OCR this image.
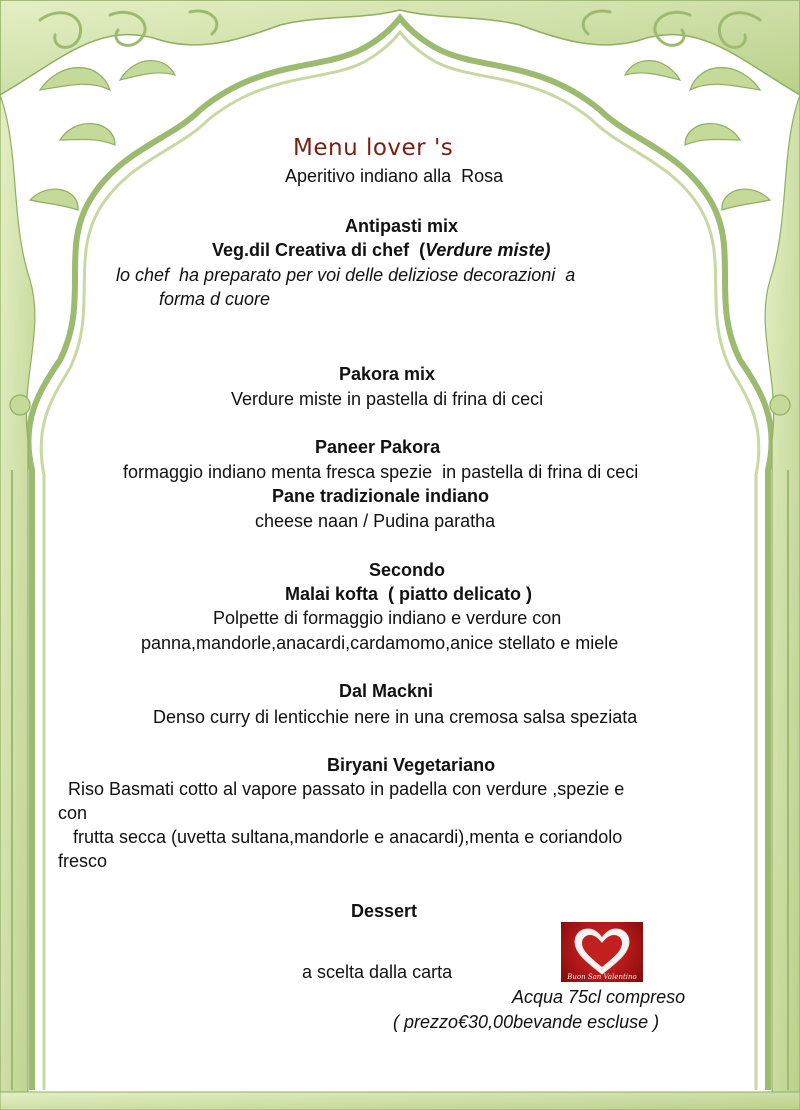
Menu lover 's
Aperitivo indiano alla  Rosa
Antipasti mix
Veg.dil Creativa di chef  (Verdure miste)
lo chef  ha preparato per voi delle deliziose decorazioni  a
forma d cuore
Pakora mix
Verdure miste in pastella di frina di ceci
Paneer Pakora
formaggio indiano menta fresca spezie  in pastella di frina di ceci
Pane tradizionale indiano
cheese naan / Pudina paratha
Secondo
Malai kofta  ( piatto delicato )
Polpette di formaggio indiano e verdure con
panna,mandorle,anacardi,cardamomo,anice stellato e miele
Dal Mackni
Denso curry di lenticchie nere in una cremosa salsa speziata
Biryani Vegetariano
Riso Basmati cotto al vapore passato in padella con verdure ,spezie e
con
frutta secca (uvetta sultana,mandorle e anacardi),menta e coriandolo
fresco
Dessert
a scelta dalla carta	Buon San Valentino
Acqua 75cl compreso
( prezzo€30,00bevande escluse )
